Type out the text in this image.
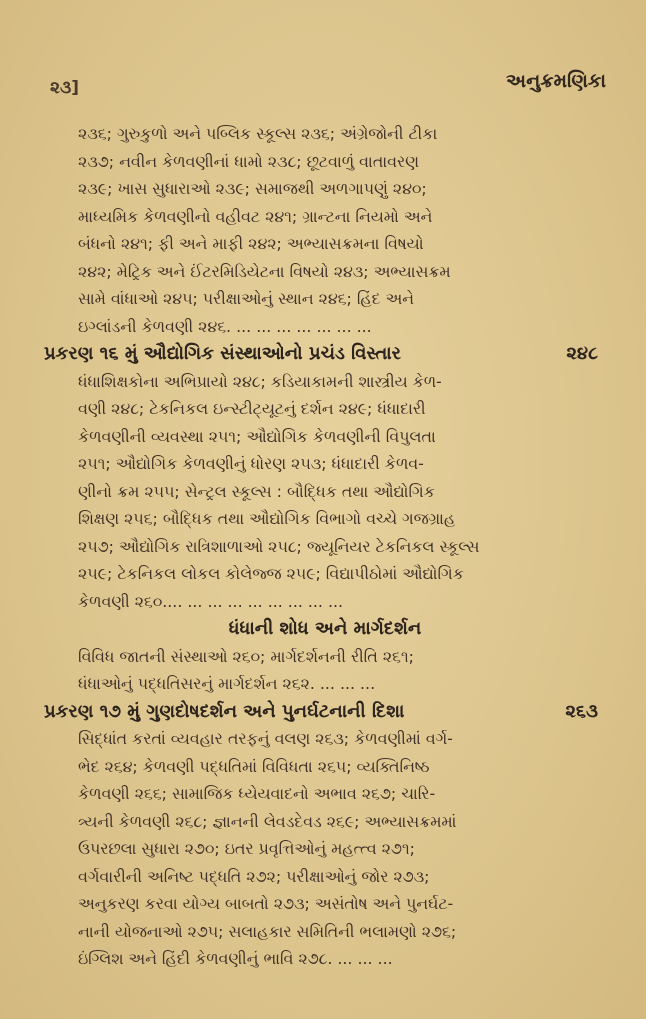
૨૩]	અનુક્રમણિકા
૨૩૬; ગુરુકુળો અને પબ્લિક સ્કૂલ્સ ૨૩૬; અંગ્રેજોની ટીકા
૨૩૭; નવીન કેળવણીનાં ધામો ૨૩૮; છૂટવાળું વાતાવરણ
૨૩૯; ખાસ સુધારાઓ ૨૩૯; સમાજથી અળગાપણું ૨૪૦;
માધ્યમિક કેળવણીનો વહીવટ ૨૪૧; ગ્રાન્ટના નિયમો અને
બંધનો ૨૪૧; ફી અને માફી ૨૪૨; અભ્યાસક્રમના વિષયો
૨૪૨; મેટ્રિક અને ઈંટરમિડિયેટના વિષયો ૨૪૩; અભ્યાસક્રમ
સામે વાંધાઓ ૨૪૫; પરીક્ષાઓનું સ્થાન ૨૪૬; હિંદ અને
ઇગ્લાંડની કેળવણી ૨૪૬. ... ... ... ... ... ... ...
પ્રકરણ ૧૬ મું ઔદ્યોગિક સંસ્થાઓનો પ્રચંડ વિસ્તાર	૨૪૮
ધંધાશિક્ષકોના અભિપ્રાયો ૨૪૮; કડિયાકામની શાસ્ત્રીય કેળ-
વણી ૨૪૮; ટેકનિકલ ઇન્સ્ટીટ્યૂટનું દર્શન ૨૪૯; ધંધાદારી
કેળવણીની વ્યવસ્થા ૨૫૧; ઔદ્યોગિક કેળવણીની વિપુલતા
૨૫૧; ઔદ્યોગિક કેળવણીનું ધોરણ ૨૫૩; ધંધાદારી કેળવ-
ણીનો ક્રમ ૨૫૫; સેન્ટ્રલ સ્કૂલ્સ : બૌદ્ધિક તથા ઔદ્યોગિક
શિક્ષણ ૨૫૬; બૌદ્ધિક તથા ઔદ્યોગિક વિભાગો વચ્ચે ગજગ્રાહ
૨૫૭; ઔદ્યોગિક રાત્રિશાળાઓ ૨૫૮; જ્યૂનિયર ટેકનિકલ સ્કૂલ્સ
૨૫૯; ટેકનિકલ લોકલ કોલેજ્જ ૨૫૯; વિદ્યાપીઠોમાં ઔદ્યોગિક
કેળવણી ૨૬૦.... ... ... ... ... ... ... ... ...
ધંધાની શોધ અને માર્ગદર્શન
વિવિધ જાતની સંસ્થાઓ ૨૬૦; માર્ગદર્શનની રીતિ ૨૬૧;
ધંધાઓનું પદ્ધતિસરનું માર્ગદર્શન ૨૬૨. ... ... ...
પ્રકરણ ૧૭ મું ગુણદોષદર્શન અને પુનર્ઘટનાની દિશા	૨૬૩
સિદ્ધાંત કરતાં વ્યવહાર તરફનું વલણ ૨૬૩; કેળવણીમાં વર્ગ-
ભેદ ૨૬૪; કેળવણી પદ્ધતિમાં વિવિધતા ૨૬૫; વ્યક્તિનિષ્ઠ
કેળવણી ૨૬૬; સામાજિક ધ્યેયવાદનો અભાવ ૨૬૭; ચારિ-
ત્ર્યની કેળવણી ૨૬૮; જ્ઞાનની લેવડદેવડ ૨૬૯; અભ્યાસક્રમમાં
ઉપરછલા સુધારા ૨૭૦; ઇતર પ્રવૃત્તિઓનું મહત્ત્વ ૨૭૧;
વર્ગવારીની અનિષ્ટ પદ્ધતિ ૨૭૨; પરીક્ષાઓનું જોર ૨૭૩;
અનુકરણ કરવા યોગ્ય બાબતો ૨૭૩; અસંતોષ અને પુનર્ઘટ-
નાની યોજનાઓ ૨૭૫; સલાહકાર સમિતિની ભલામણો ૨૭૬;
ઇંગ્લિશ અને હિંદી કેળવણીનું ભાવિ ૨૭૮. ... ... ...
